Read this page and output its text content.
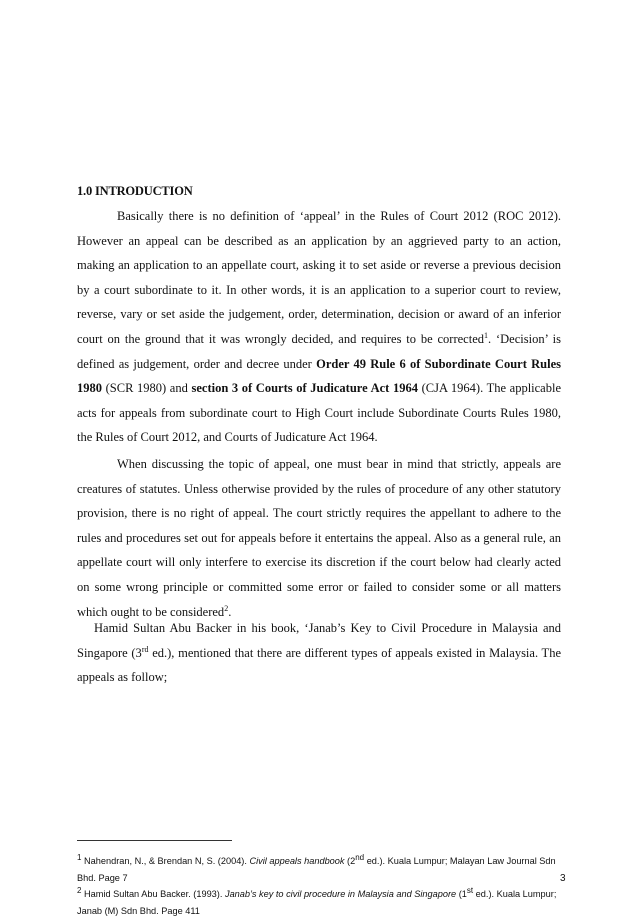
1.0 INTRODUCTION
Basically there is no definition of ‘appeal’ in the Rules of Court 2012 (ROC 2012). However an appeal can be described as an application by an aggrieved party to an action, making an application to an appellate court, asking it to set aside or reverse a previous decision by a court subordinate to it. In other words, it is an application to a superior court to review, reverse, vary or set aside the judgement, order, determination, decision or award of an inferior court on the ground that it was wrongly decided, and requires to be corrected$^1$. ‘Decision’ is defined as judgement, order and decree under Order 49 Rule 6 of Subordinate Court Rules 1980 (SCR 1980) and section 3 of Courts of Judicature Act 1964 (CJA 1964). The applicable acts for appeals from subordinate court to High Court include Subordinate Courts Rules 1980, the Rules of Court 2012, and Courts of Judicature Act 1964.
When discussing the topic of appeal, one must bear in mind that strictly, appeals are creatures of statutes. Unless otherwise provided by the rules of procedure of any other statutory provision, there is no right of appeal. The court strictly requires the appellant to adhere to the rules and procedures set out for appeals before it entertains the appeal. Also as a general rule, an appellate court will only interfere to exercise its discretion if the court below had clearly acted on some wrong principle or committed some error or failed to consider some or all matters which ought to be considered$^2$.
Hamid Sultan Abu Backer in his book, ‘Janab’s Key to Civil Procedure in Malaysia and Singapore (3rd ed.), mentioned that there are different types of appeals existed in Malaysia. The appeals as follow;

$^1$ Nahendran, N., & Brendan N, S. (2004). Civil appeals handbook (2nd ed.). Kuala Lumpur; Malayan Law Journal Sdn Bhd. Page 7

$^2$ Hamid Sultan Abu Backer. (1993). Janab’s key to civil procedure in Malaysia and Singapore (1st ed.). Kuala Lumpur; Janab (M) Sdn Bhd. Page 411

3
